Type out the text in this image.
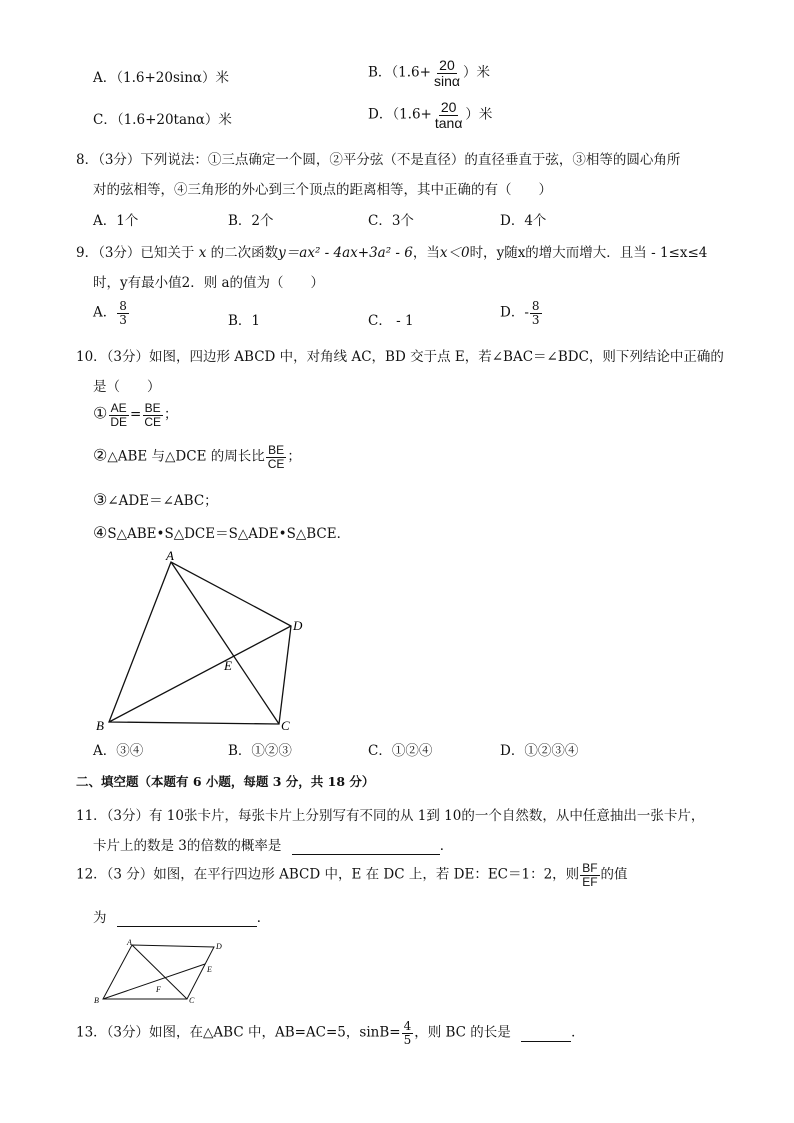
A．（1.6+20sinα）米	B．（$1.6+ \frac{20}{\sin\alpha}$ ）米
C．（1.6+20tanα）米	D．（$1.6+ \frac{20}{\tan\alpha}$ ）米
8．（3分）下列说法：①三点确定一个圆，②平分弦（不是直径）的直径垂直于弦，③相等的圆心角所
对的弦相等，④三角形的外心到三个顶点的距离相等，其中正确的有（　　）
A．1个	B．2个	C．3个	D．4个
9．（3分）已知关于 x 的二次函数y＝ax² - 4ax+3a² - 6，当x＜0时，y随x的增大而增大．且当 - 1≤x≤4
时，y有最小值2．则 a的值为（　　）
A． $\frac{8}{3}$	B．1	C． - 1
D．- $\frac{8}{3}$
10．（3分）如图，四边形 ABCD 中，对角线 AC，BD 交于点 E，若∠BAC＝∠BDC，则下列结论中正确的
是（　　）
① $\frac{AE}{DE} = \frac{BE}{CE}$ ；
②△ABE 与△DCE 的周长比 $\frac{BE}{CE}$ ；
③∠ADE＝∠ABC；
④S△ABE•S△DCE＝S△ADE•S△BCE．
A
B	C
D
E
A．③④	B．①②③	C．①②④	D．①②③④
二、填空题（本题有 6 小题，每题 3 分，共 18 分）
11．（3分）有 10张卡片，每张卡片上分别写有不同的从 1到 10的一个自然数，从中任意抽出一张卡片，
卡片上的数是 3的倍数的概率是	．
12．（3 分）如图，在平行四边形 ABCD 中，E 在 DC 上，若 DE：EC＝1：2，则 $\frac{BF}{EF}$ 的值
为	．
A
B	C
D
E
F
13．（3分）如图，在△ABC 中，AB=AC=5，$\sin B= \frac{4}{5}$ ，则 BC 的长是	．
